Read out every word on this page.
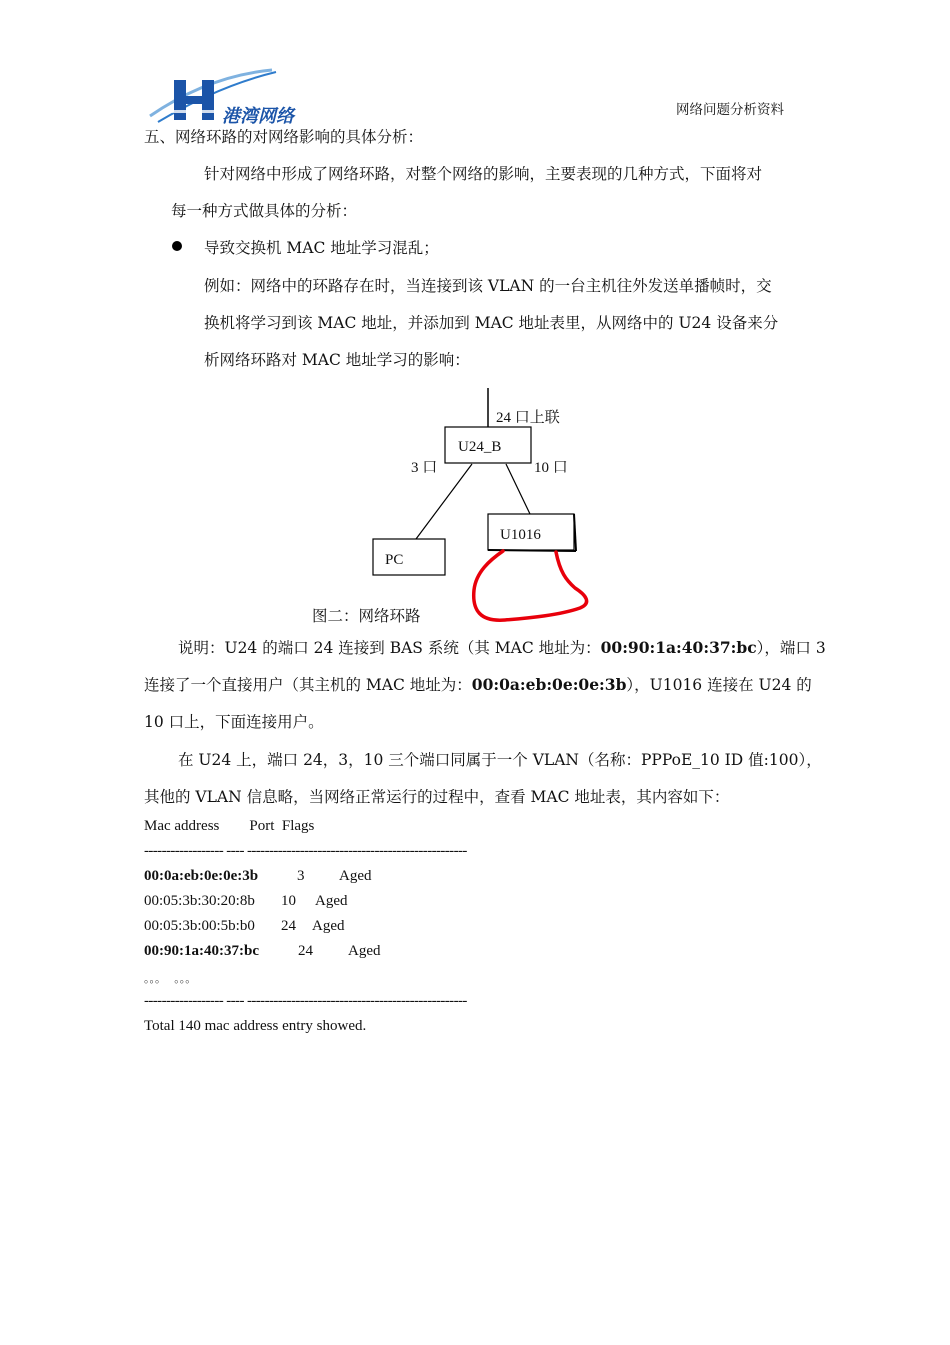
港湾网络	网络问题分析资料
五、网络环路的对网络影响的具体分析：
针对网络中形成了网络环路，对整个网络的影响，主要表现的几种方式，下面将对
每一种方式做具体的分析：
导致交换机 MAC 地址学习混乱；
例如：网络中的环路存在时，当连接到该 VLAN 的一台主机往外发送单播帧时，交
换机将学习到该 MAC 地址，并添加到 MAC 地址表里，从网络中的 U24 设备来分
析网络环路对 MAC 地址学习的影响：
24 口上联
U24_B
3 口	10 口
U1016
PC
图二：网络环路
说明：U24 的端口 24 连接到 BAS 系统（其 MAC 地址为：00:90:1a:40:37:bc），端口 3
连接了一个直接用户（其主机的 MAC 地址为：00:0a:eb:0e:0e:3b），U1016 连接在 U24 的
10 口上，下面连接用户。
在 U24 上，端口 24，3，10 三个端口同属于一个 VLAN（名称：PPPoE_10 ID 值:100），
其他的 VLAN 信息略，当网络正常运行的过程中，查看 MAC 地址表，其内容如下：
Mac address        Port  Flags
------------------ ---- --------------------------------------------------
00:0a:eb:0e:0e:3b	3 Aged
00:05:3b:30:20:8b 10 Aged
00:05:3b:00:5b:b0 24 Aged
00:90:1a:40:37:bc	24 Aged
。。。   。。。
------------------ ---- --------------------------------------------------
Total 140 mac address entry showed.
